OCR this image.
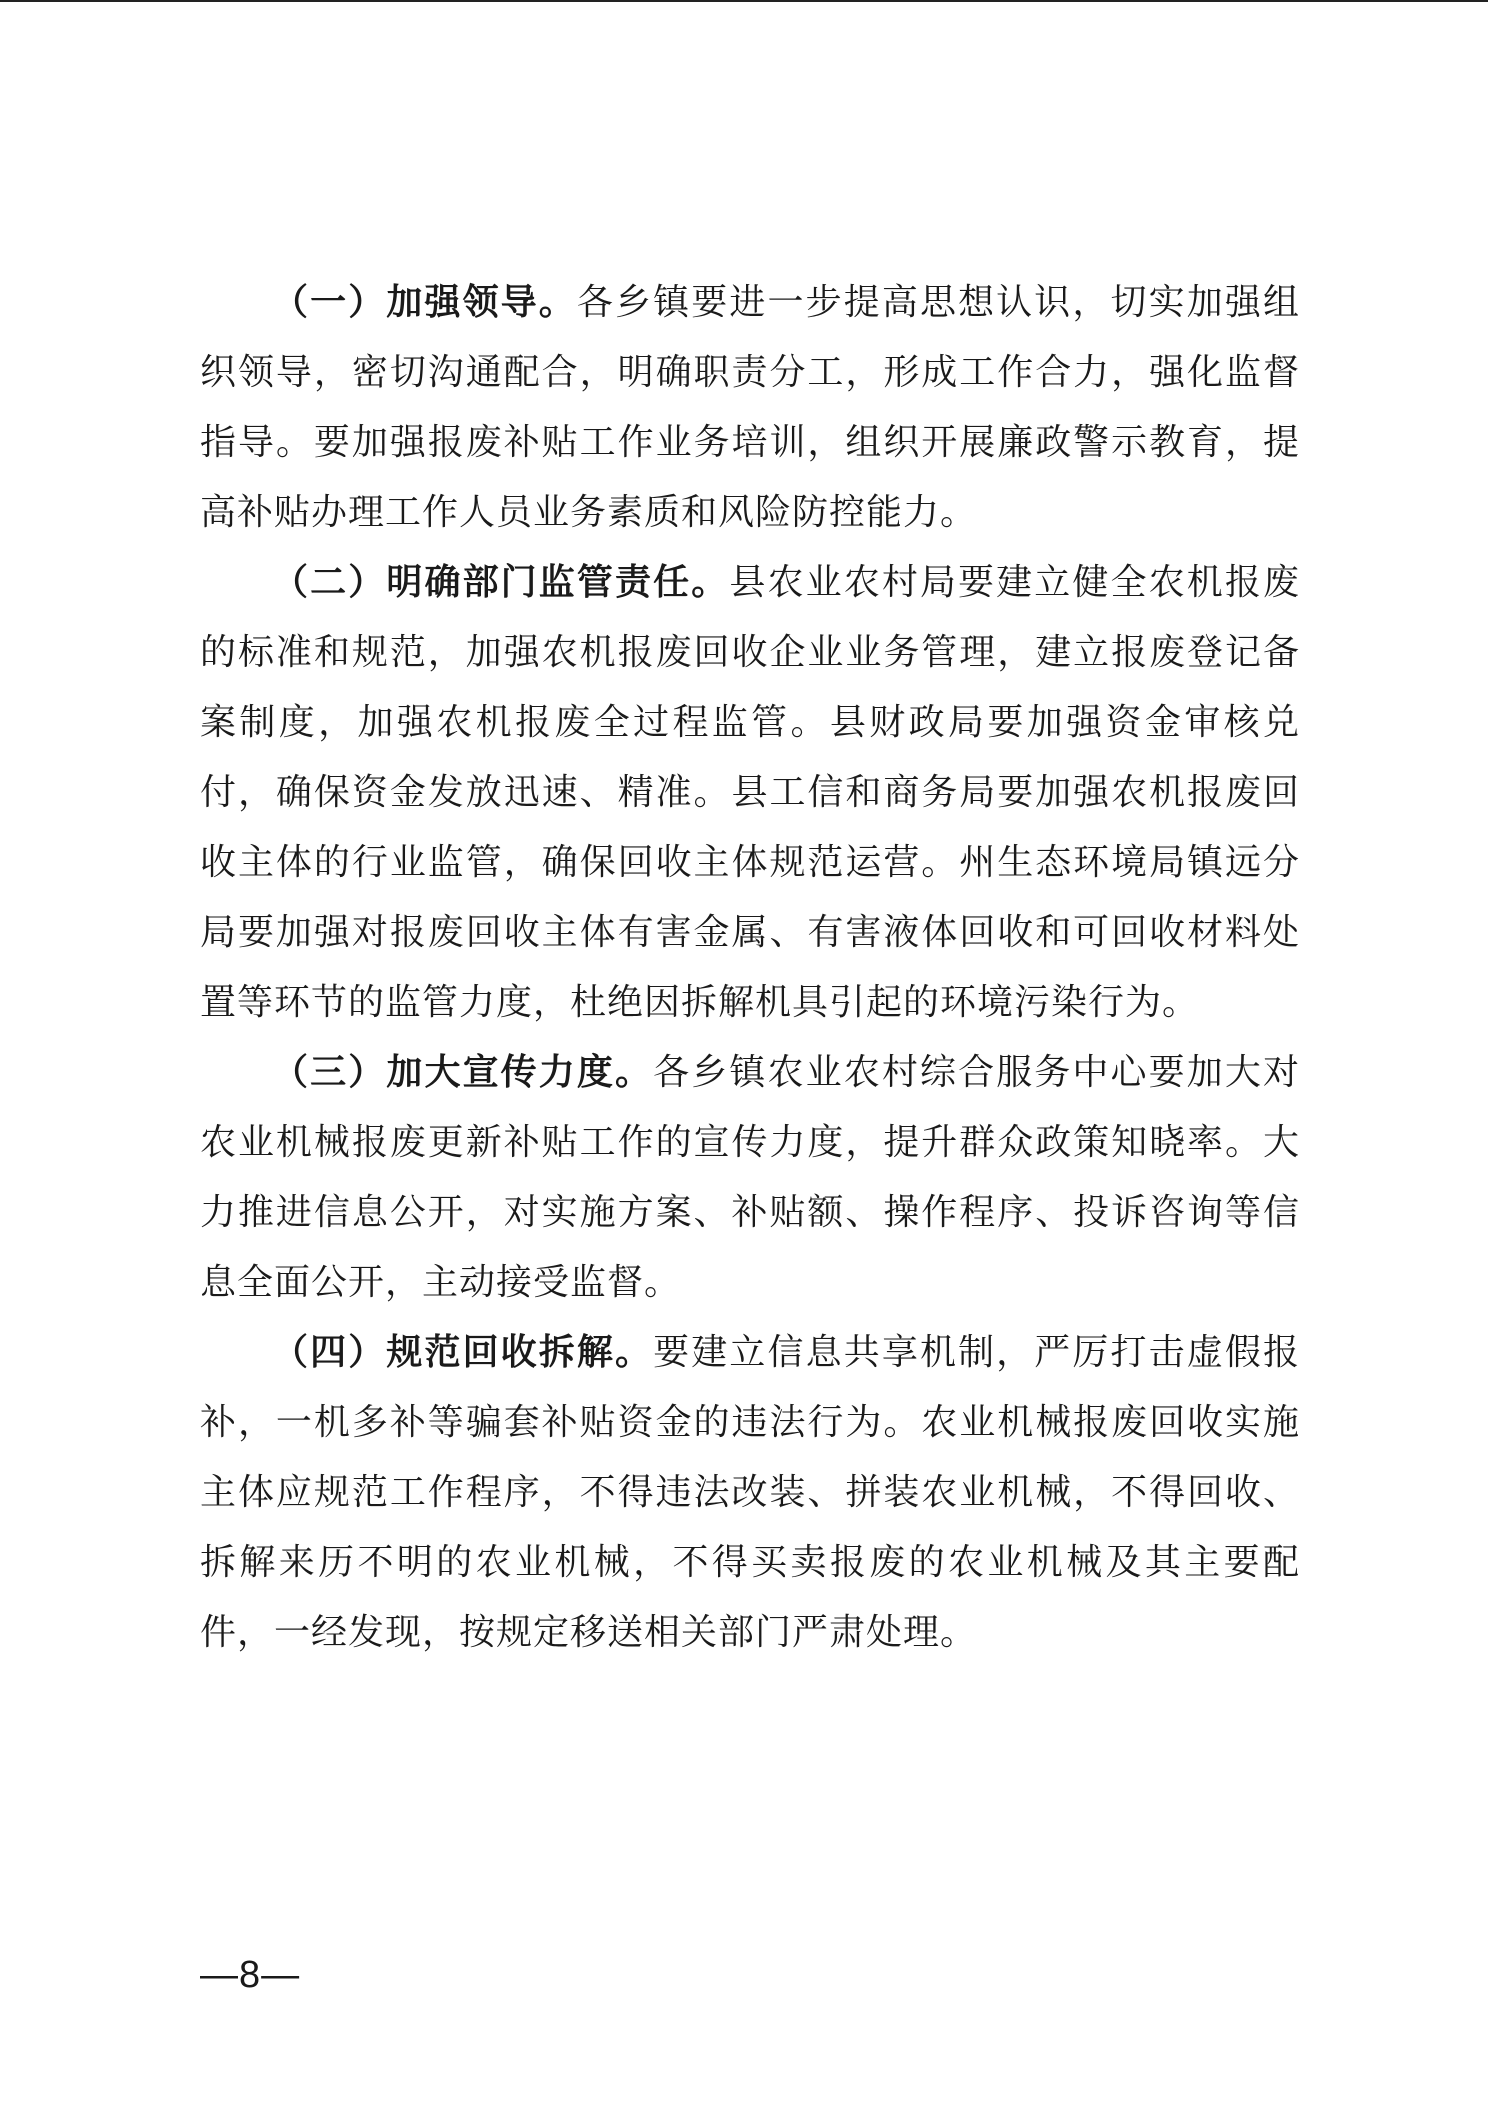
（一）加强领导。各乡镇要进一步提高思想认识，切实加强组织领导，密切沟通配合，明确职责分工，形成工作合力，强化监督指导。要加强报废补贴工作业务培训，组织开展廉政警示教育，提高补贴办理工作人员业务素质和风险防控能力。

（二）明确部门监管责任。县农业农村局要建立健全农机报废的标准和规范，加强农机报废回收企业业务管理，建立报废登记备案制度，加强农机报废全过程监管。县财政局要加强资金审核兑付，确保资金发放迅速、精准。县工信和商务局要加强农机报废回收主体的行业监管，确保回收主体规范运营。州生态环境局镇远分局要加强对报废回收主体有害金属、有害液体回收和可回收材料处置等环节的监管力度，杜绝因拆解机具引起的环境污染行为。

（三）加大宣传力度。各乡镇农业农村综合服务中心要加大对农业机械报废更新补贴工作的宣传力度，提升群众政策知晓率。大力推进信息公开，对实施方案、补贴额、操作程序、投诉咨询等信息全面公开，主动接受监督。

（四）规范回收拆解。要建立信息共享机制，严厉打击虚假报补，一机多补等骗套补贴资金的违法行为。农业机械报废回收实施主体应规范工作程序，不得违法改装、拼装农业机械，不得回收、拆解来历不明的农业机械，不得买卖报废的农业机械及其主要配件，一经发现，按规定移送相关部门严肃处理。

—8—
